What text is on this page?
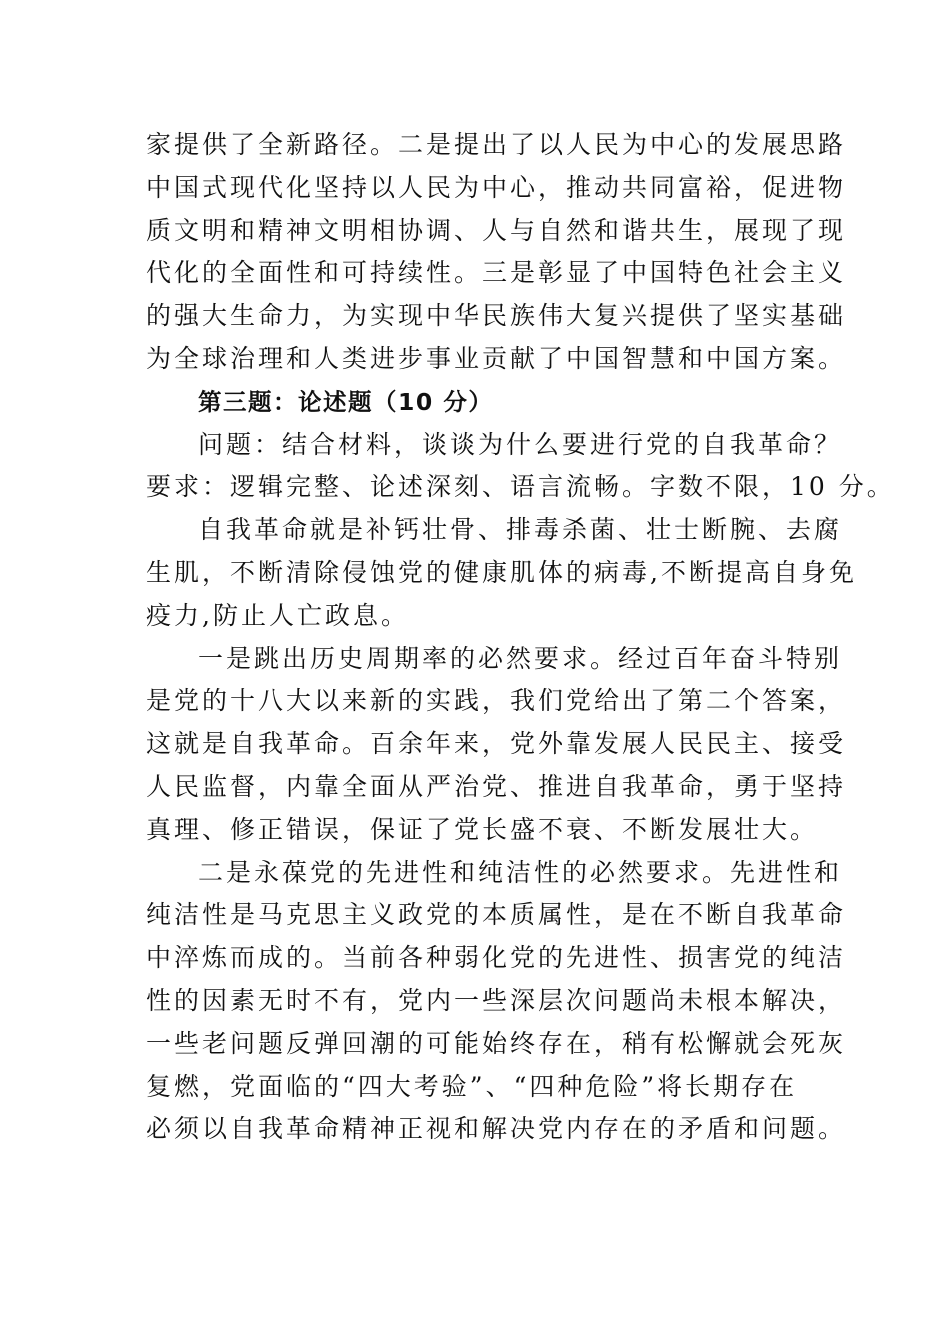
家提供了全新路径。二是提出了以人民为中心的发展思路
中国式现代化坚持以人民为中心，推动共同富裕，促进物
质文明和精神文明相协调、人与自然和谐共生，展现了现
代化的全面性和可持续性。三是彰显了中国特色社会主义
的强大生命力，为实现中华民族伟大复兴提供了坚实基础
为全球治理和人类进步事业贡献了中国智慧和中国方案。
第三题：论述题（10 分）
问题：结合材料，谈谈为什么要进行党的自我革命？
要求：逻辑完整、论述深刻、语言流畅。字数不限，10 分。
自我革命就是补钙壮骨、排毒杀菌、壮士断腕、去腐
生肌，不断清除侵蚀党的健康肌体的病毒,不断提高自身免
疫力,防止人亡政息。
一是跳出历史周期率的必然要求。经过百年奋斗特别
是党的十八大以来新的实践，我们党给出了第二个答案，
这就是自我革命。百余年来，党外靠发展人民民主、接受
人民监督，内靠全面从严治党、推进自我革命，勇于坚持
真理、修正错误，保证了党长盛不衰、不断发展壮大。
二是永葆党的先进性和纯洁性的必然要求。先进性和
纯洁性是马克思主义政党的本质属性，是在不断自我革命
中淬炼而成的。当前各种弱化党的先进性、损害党的纯洁
性的因素无时不有，党内一些深层次问题尚未根本解决，
一些老问题反弹回潮的可能始终存在，稍有松懈就会死灰
复燃，党面临的“四大考验”、“四种危险”将长期存在
必须以自我革命精神正视和解决党内存在的矛盾和问题。
